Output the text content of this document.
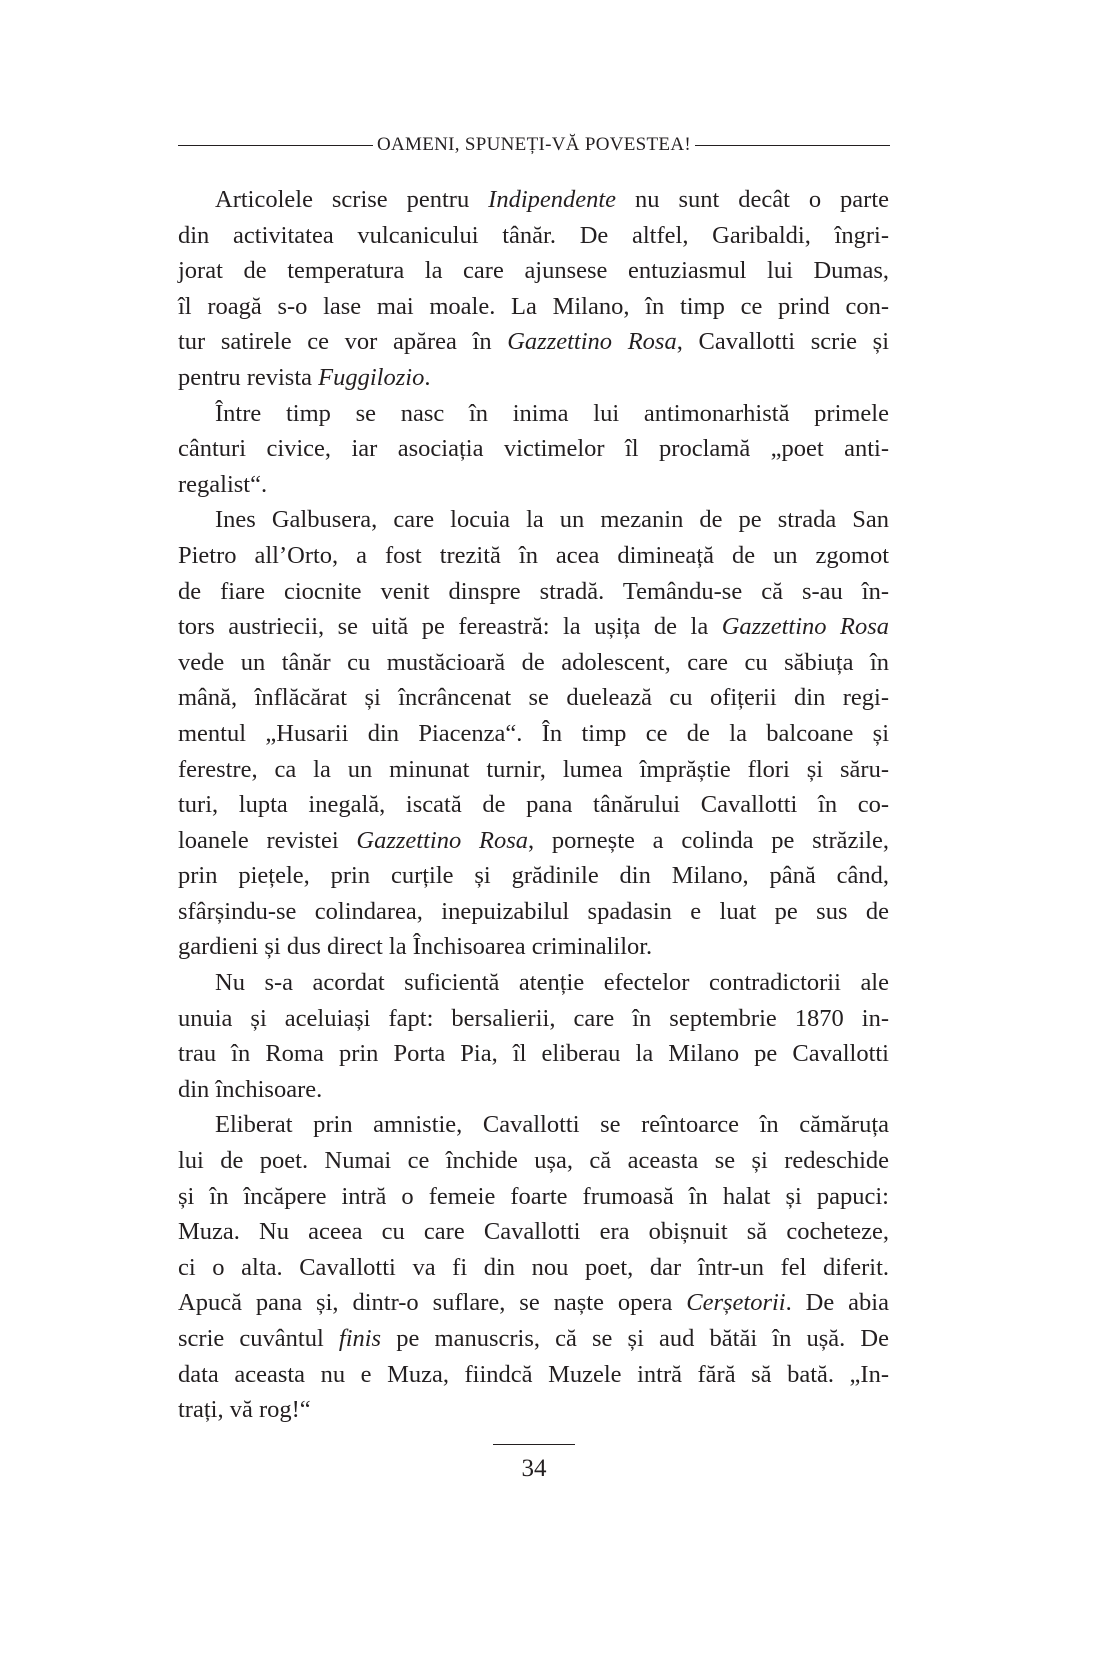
OAMENI, SPUNEȚI-VĂ POVESTEA!
Articolele scrise pentru Indipendente nu sunt decât o parte
din activitatea vulcanicului tânăr. De altfel, Garibaldi, îngri-
jorat de temperatura la care ajunsese entuziasmul lui Dumas,
îl roagă s-o lase mai moale. La Milano, în timp ce prind con-
tur satirele ce vor apărea în Gazzettino Rosa, Cavallotti scrie și
pentru revista Fuggilozio.
Între timp se nasc în inima lui antimonarhistă primele
cânturi civice, iar asociația victimelor îl proclamă „poet anti-
regalist“.
Ines Galbusera, care locuia la un mezanin de pe strada San
Pietro all’Orto, a fost trezită în acea dimineață de un zgomot
de fiare ciocnite venit dinspre stradă. Temându-se că s-au în-
tors austriecii, se uită pe fereastră: la ușița de la Gazzettino Rosa
vede un tânăr cu mustăcioară de adolescent, care cu săbiuța în
mână, înflăcărat și încrâncenat se duelează cu ofițerii din regi-
mentul „Husarii din Piacenza“. În timp ce de la balcoane și
ferestre, ca la un minunat turnir, lumea împrăștie flori și săru-
turi, lupta inegală, iscată de pana tânărului Cavallotti în co-
loanele revistei Gazzettino Rosa, pornește a colinda pe străzile,
prin piețele, prin curțile și grădinile din Milano, până când,
sfârșindu-se colindarea, inepuizabilul spadasin e luat pe sus de
gardieni și dus direct la Închisoarea criminalilor.
Nu s-a acordat suficientă atenție efectelor contradictorii ale
unuia și aceluiași fapt: bersalierii, care în septembrie 1870 in-
trau în Roma prin Porta Pia, îl eliberau la Milano pe Cavallotti
din închisoare.
Eliberat prin amnistie, Cavallotti se reîntoarce în cămăruța
lui de poet. Numai ce închide ușa, că aceasta se și redeschide
și în încăpere intră o femeie foarte frumoasă în halat și papuci:
Muza. Nu aceea cu care Cavallotti era obișnuit să cocheteze,
ci o alta. Cavallotti va fi din nou poet, dar într-un fel diferit.
Apucă pana și, dintr-o suflare, se naște opera Cerșetorii. De abia
scrie cuvântul finis pe manuscris, că se și aud bătăi în ușă. De
data aceasta nu e Muza, fiindcă Muzele intră fără să bată. „In-
trați, vă rog!“
34
